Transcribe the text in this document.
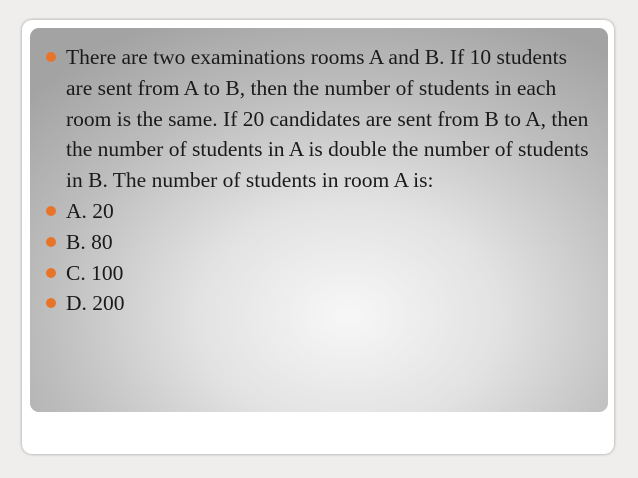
There are two examinations rooms A and B. If 10 students are sent from A to B, then the number of students in each room is the same. If 20 candidates are sent from B to A, then the number of students in A is double the number of students in B. The number of students in room A is:
A. 20
B. 80
C. 100
D. 200
